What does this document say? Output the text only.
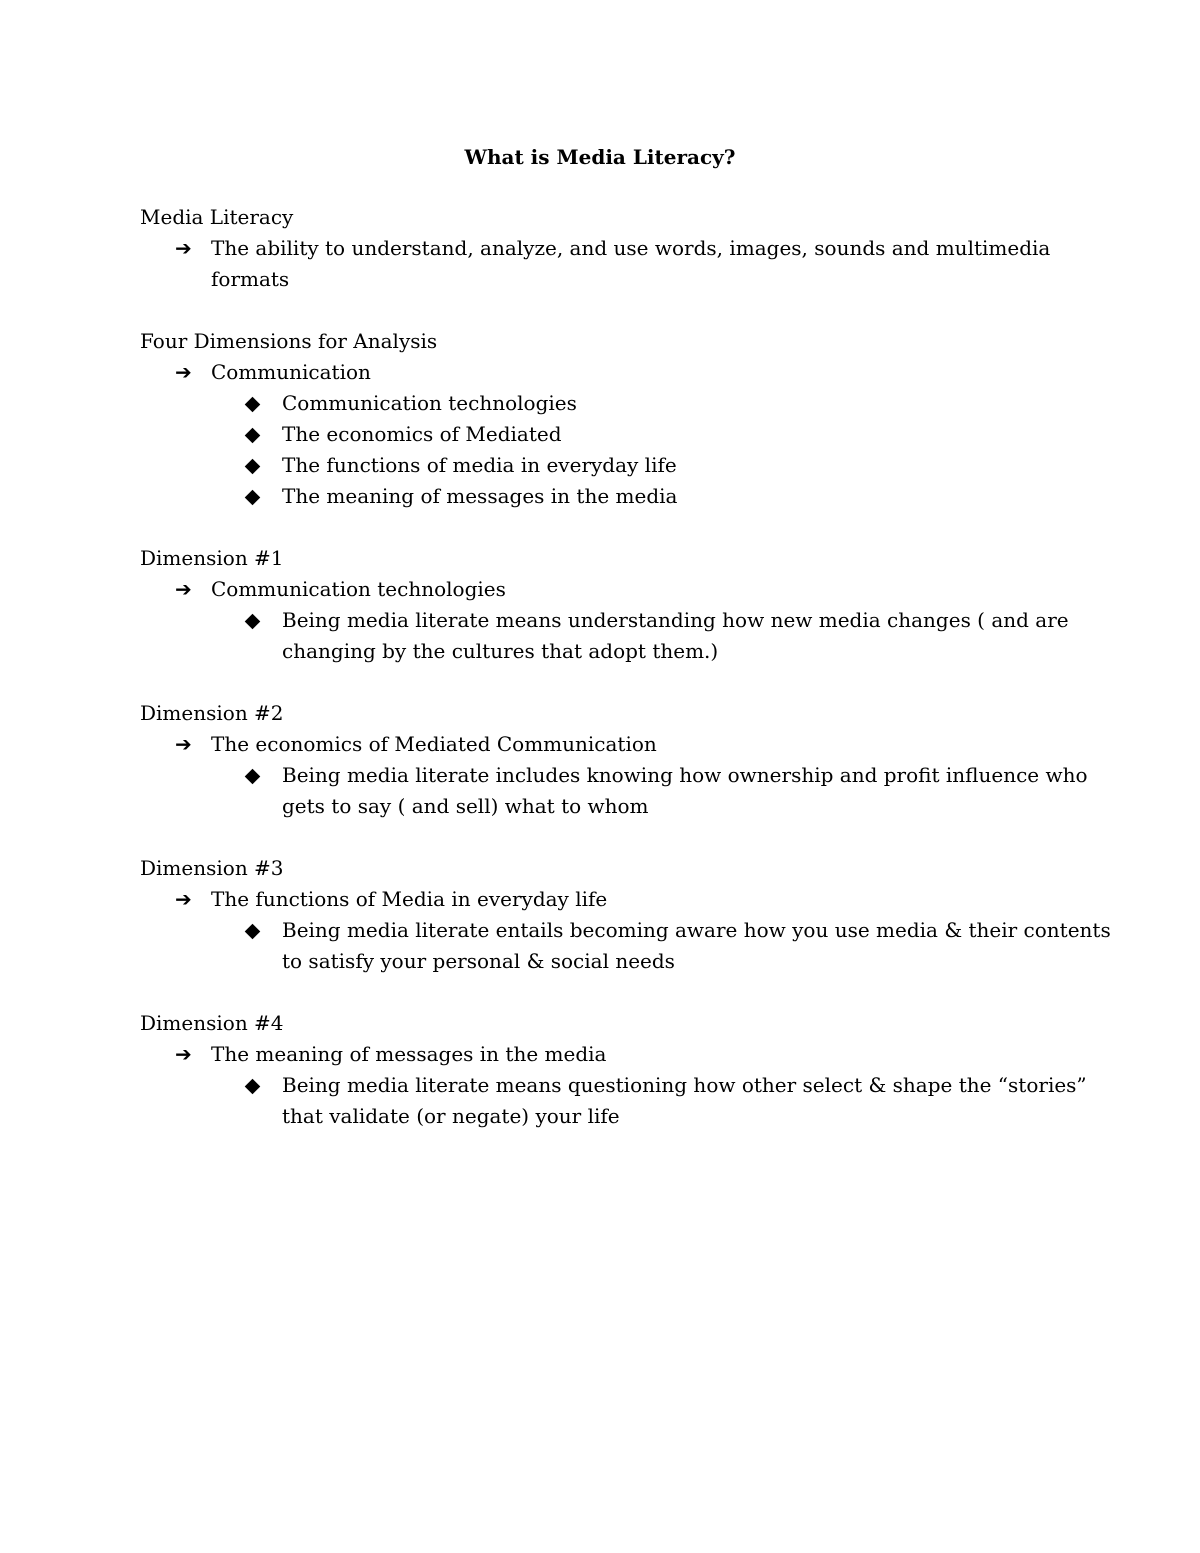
What is Media Literacy?
Media Literacy
➔ The ability to understand, analyze, and use words, images, sounds and multimedia
formats
Four Dimensions for Analysis
➔ Communication
Communication technologies
The economics of Mediated
The functions of media in everyday life
The meaning of messages in the media
Dimension #1
➔ Communication technologies
Being media literate means understanding how new media changes ( and are
changing by the cultures that adopt them.)
Dimension #2
➔ The economics of Mediated Communication
Being media literate includes knowing how ownership and profit influence who
gets to say ( and sell) what to whom
Dimension #3
➔ The functions of Media in everyday life
Being media literate entails becoming aware how you use media & their contents
to satisfy your personal & social needs
Dimension #4
➔ The meaning of messages in the media
Being media literate means questioning how other select & shape the “stories”
that validate (or negate) your life
